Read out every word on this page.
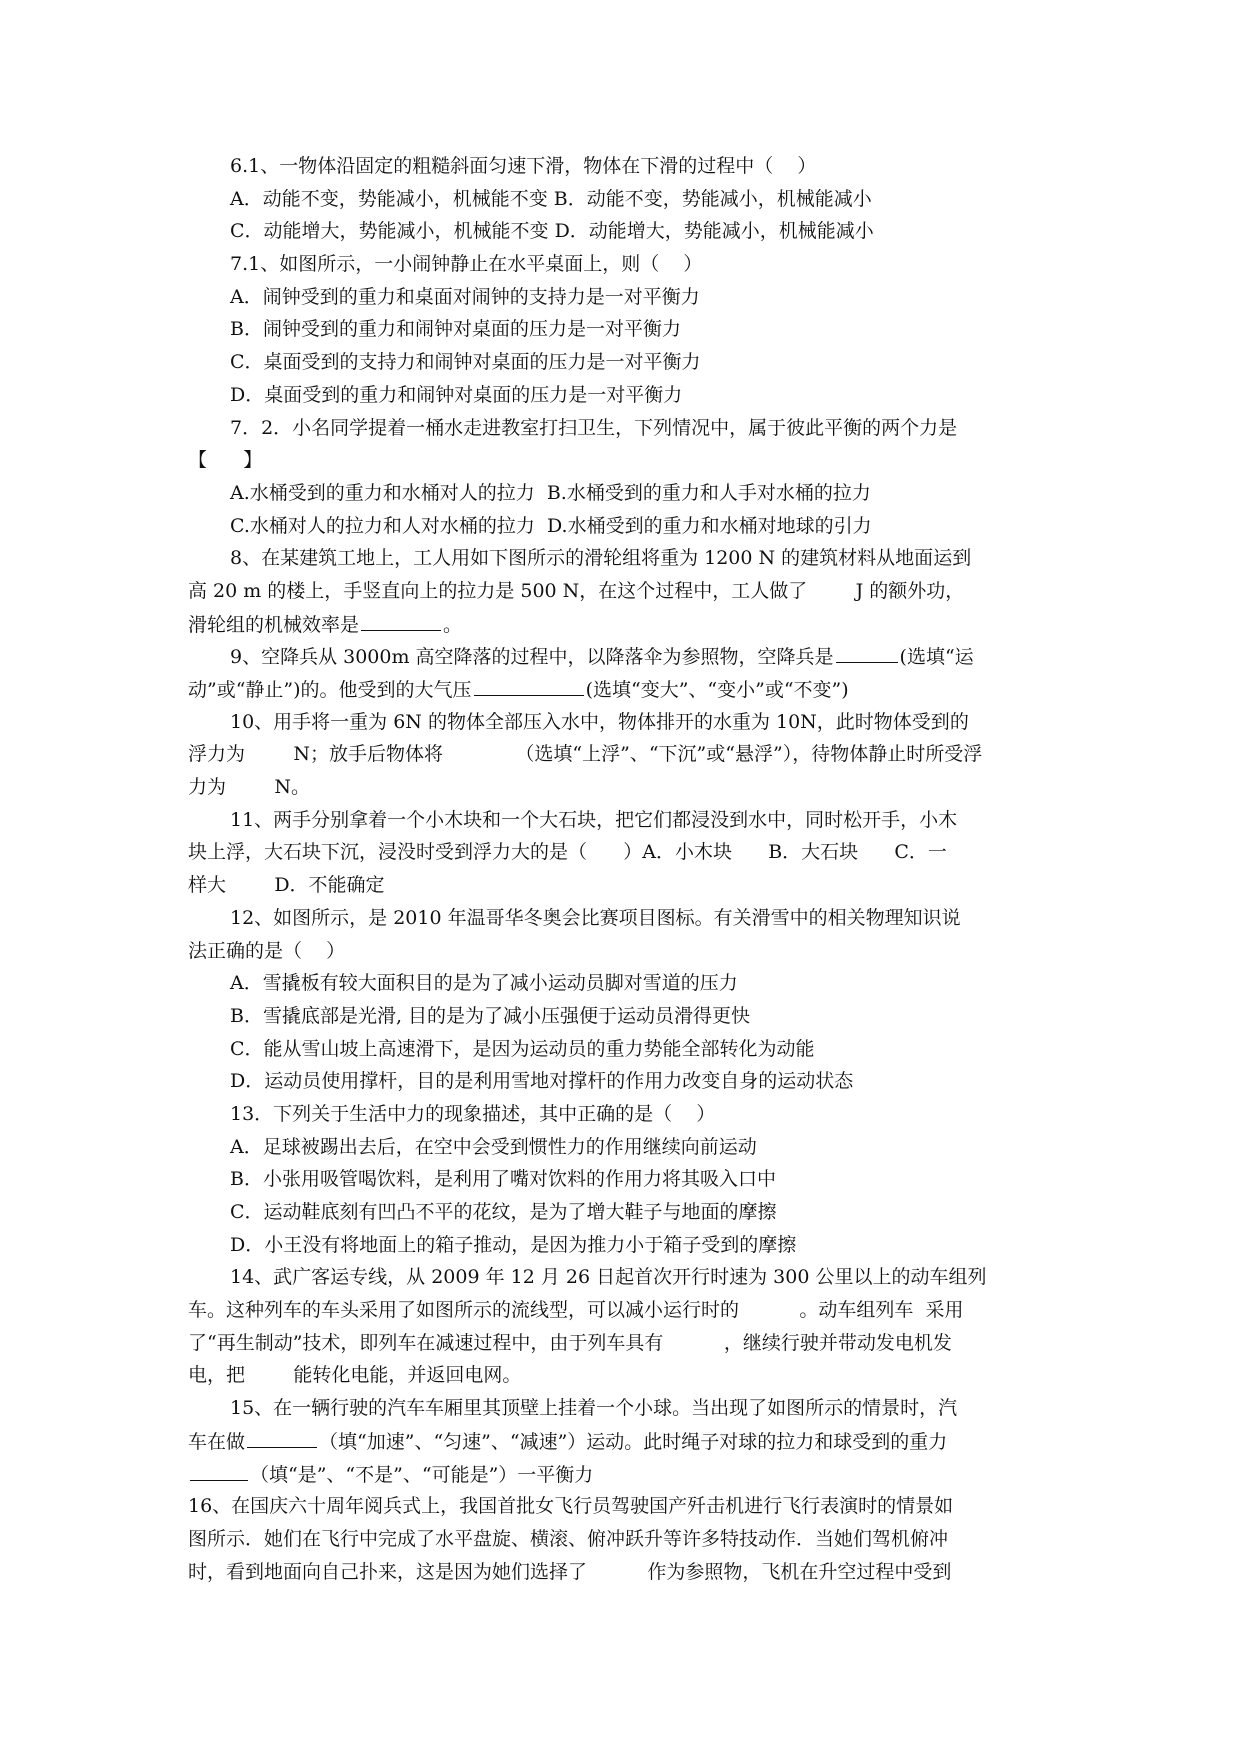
6.1、一物体沿固定的粗糙斜面匀速下滑，物体在下滑的过程中（    ）
A．动能不变，势能减小，机械能不变 B．动能不变，势能减小，机械能减小
C．动能增大，势能减小，机械能不变 D．动能增大，势能减小，机械能减小
7.1、如图所示，一小闹钟静止在水平桌面上，则（    ）
A．闹钟受到的重力和桌面对闹钟的支持力是一对平衡力
B．闹钟受到的重力和闹钟对桌面的压力是一对平衡力
C．桌面受到的支持力和闹钟对桌面的压力是一对平衡力
D．桌面受到的重力和闹钟对桌面的压力是一对平衡力
7．2．小名同学提着一桶水走进教室打扫卫生，下列情况中，属于彼此平衡的两个力是
【      】
A.水桶受到的重力和水桶对人的拉力  B.水桶受到的重力和人手对水桶的拉力
C.水桶对人的拉力和人对水桶的拉力  D.水桶受到的重力和水桶对地球的引力
8、在某建筑工地上，工人用如下图所示的滑轮组将重为 1200 N 的建筑材料从地面运到
高 20 m 的楼上，手竖直向上的拉力是 500 N，在这个过程中，工人做了        J 的额外功，
滑轮组的机械效率是	。
9、空降兵从 3000m 高空降落的过程中，以降落伞为参照物，空降兵是	(选填“运
动”或“静止”)的。他受到的大气压	(选填“变大”、“变小”或“不变”)
10、用手将一重为 6N 的物体全部压入水中，物体排开的水重为 10N，此时物体受到的
浮力为        N；放手后物体将            （选填“上浮”、“下沉”或“悬浮”），待物体静止时所受浮
力为        N。
11、两手分别拿着一个小木块和一个大石块，把它们都浸没到水中，同时松开手，小木
块上浮，大石块下沉，浸没时受到浮力大的是（      ）A．小木块      B．大石块      C．一
样大        D．不能确定
12、如图所示，是 2010 年温哥华冬奥会比赛项目图标。有关滑雪中的相关物理知识说
法正确的是（    ）
A．雪撬板有较大面积目的是为了减小运动员脚对雪道的压力
B．雪撬底部是光滑, 目的是为了减小压强便于运动员滑得更快
C．能从雪山坡上高速滑下，是因为运动员的重力势能全部转化为动能
D．运动员使用撑杆，目的是利用雪地对撑杆的作用力改变自身的运动状态
13．下列关于生活中力的现象描述，其中正确的是（    ）
A．足球被踢出去后，在空中会受到惯性力的作用继续向前运动
B．小张用吸管喝饮料，是利用了嘴对饮料的作用力将其吸入口中
C．运动鞋底刻有凹凸不平的花纹，是为了增大鞋子与地面的摩擦
D．小王没有将地面上的箱子推动，是因为推力小于箱子受到的摩擦
14、武广客运专线，从 2009 年 12 月 26 日起首次开行时速为 300 公里以上的动车组列
车。这种列车的车头采用了如图所示的流线型，可以减小运行时的          。动车组列车  采用
了“再生制动”技术，即列车在减速过程中，由于列车具有          ，继续行驶并带动发电机发
电，把        能转化电能，并返回电网。
15、在一辆行驶的汽车车厢里其顶壁上挂着一个小球。当出现了如图所示的情景时，汽
车在做	（填“加速”、“匀速”、“减速”）运动。此时绳子对球的拉力和球受到的重力
（填“是”、“不是”、“可能是”）一平衡力
16、在国庆六十周年阅兵式上，我国首批女飞行员驾驶国产歼击机进行飞行表演时的情景如
图所示．她们在飞行中完成了水平盘旋、横滚、俯冲跃升等许多特技动作．当她们驾机俯冲
时，看到地面向自己扑来，这是因为她们选择了          作为参照物，飞机在升空过程中受到
